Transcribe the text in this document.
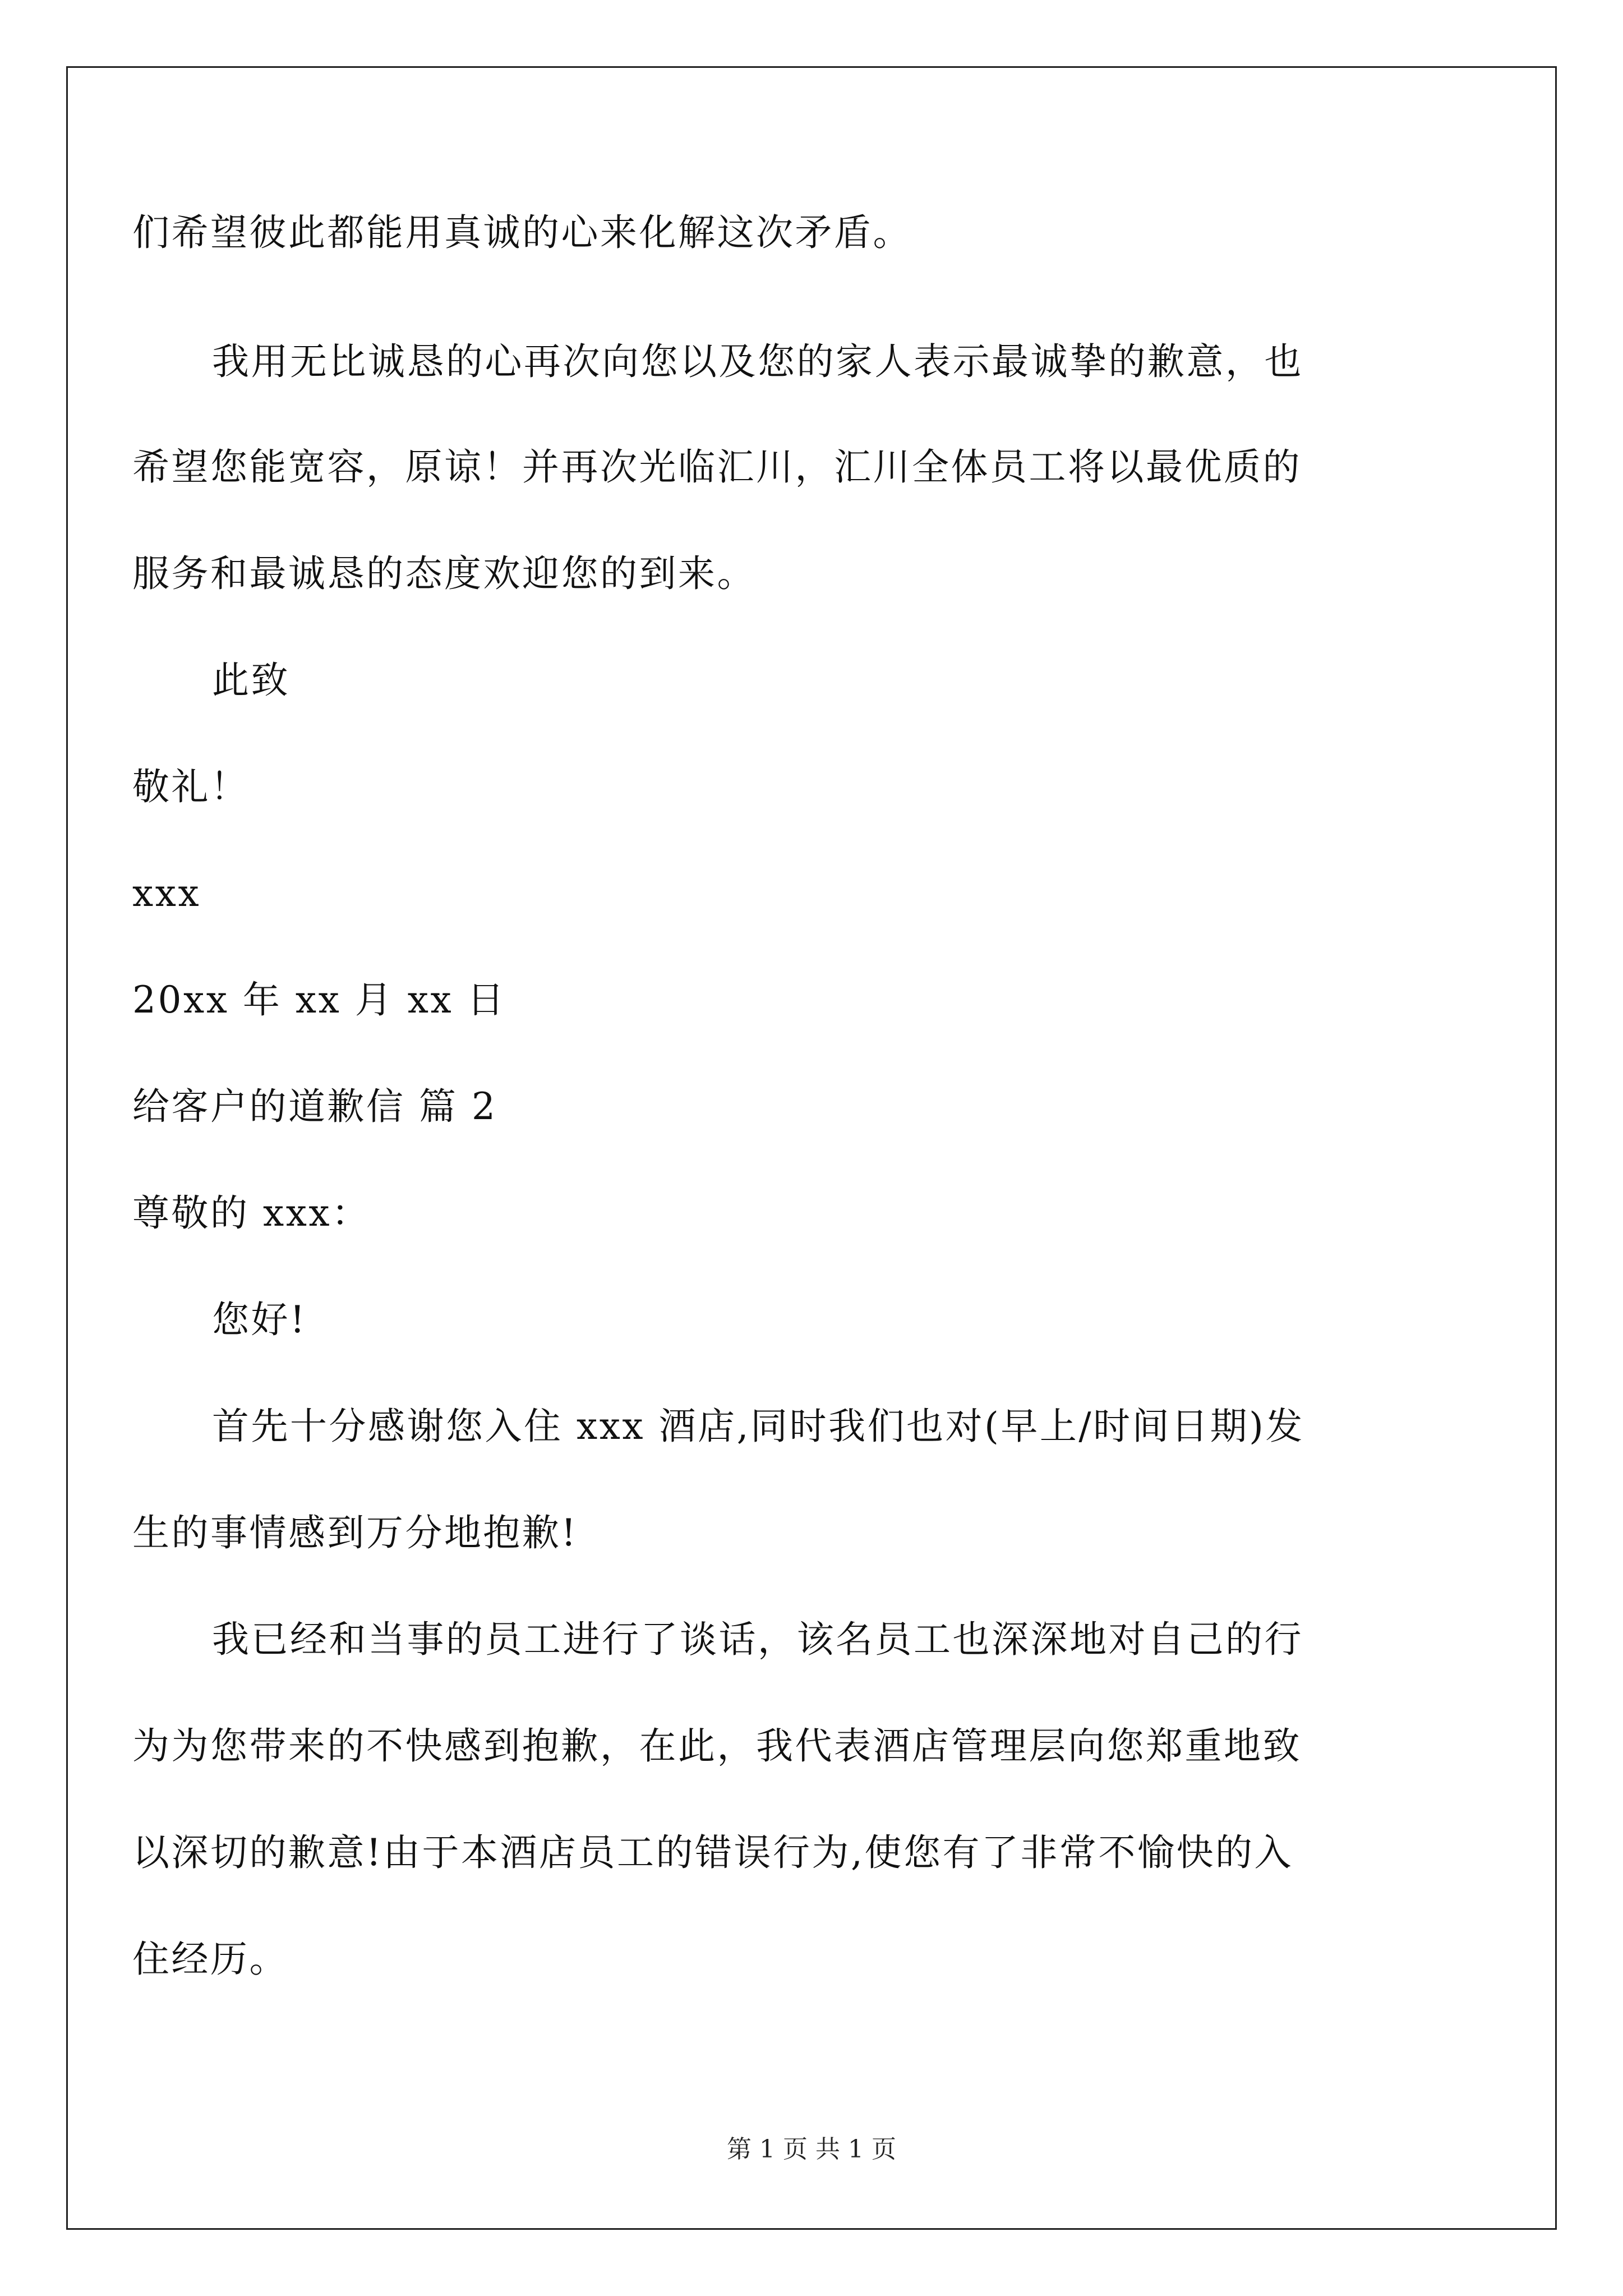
们希望彼此都能用真诚的心来化解这次矛盾。
我用无比诚恳的心再次向您以及您的家人表示最诚挚的歉意，也
希望您能宽容，原谅！并再次光临汇川，汇川全体员工将以最优质的
服务和最诚恳的态度欢迎您的到来。
此致
敬礼！
xxx
20xx 年 xx 月 xx 日
给客户的道歉信 篇 2
尊敬的 xxx：
您好!
首先十分感谢您入住 xxx 酒店,同时我们也对(早上/时间日期)发
生的事情感到万分地抱歉!
我已经和当事的员工进行了谈话，该名员工也深深地对自己的行
为为您带来的不快感到抱歉，在此，我代表酒店管理层向您郑重地致
以深切的歉意!由于本酒店员工的错误行为,使您有了非常不愉快的入
住经历。
第 1 页 共 1 页
